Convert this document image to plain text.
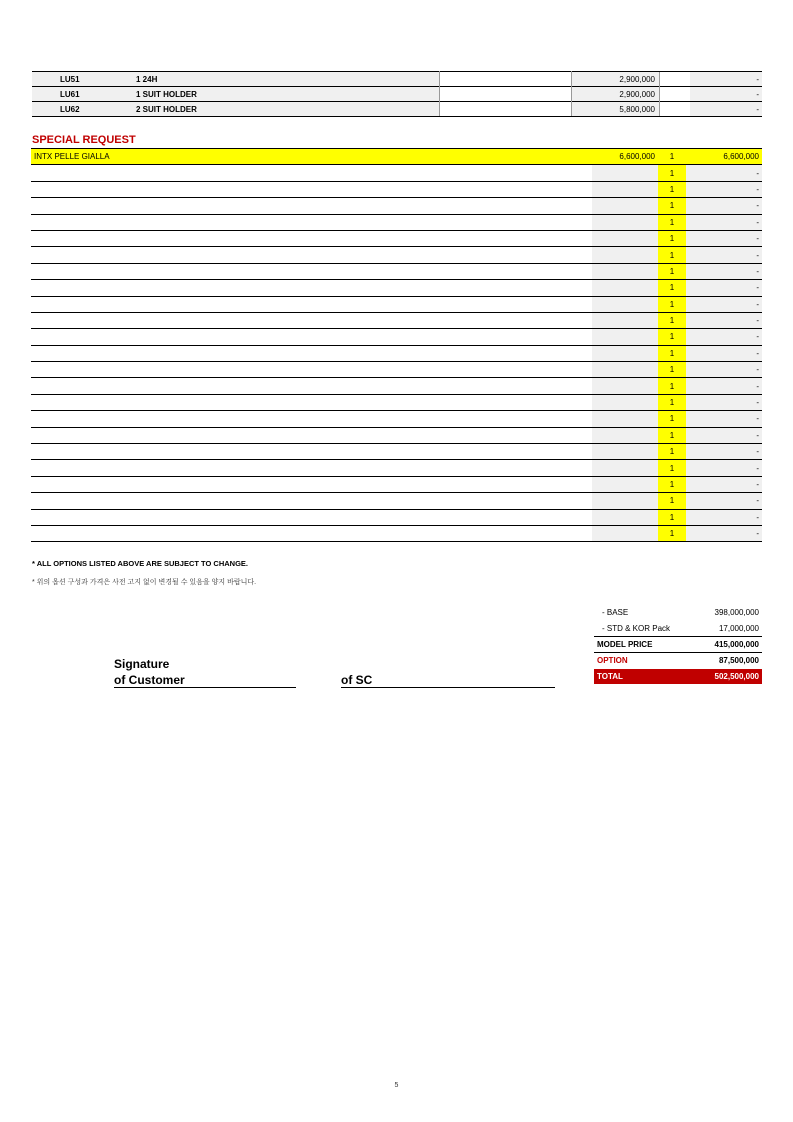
LU51	1 24H		2,900,000		-
LU61	1 SUIT HOLDER		2,900,000		-
LU62	2 SUIT HOLDER		5,800,000		-
SPECIAL REQUEST
INTX PELLE GIALLA	6,600,000	1	6,600,000
		1	-
		1	-
		1	-
		1	-
		1	-
		1	-
		1	-
		1	-
		1	-
		1	-
		1	-
		1	-
		1	-
		1	-
		1	-
		1	-
		1	-
		1	-
		1	-
		1	-
		1	-
		1	-
		1	-
* ALL OPTIONS LISTED ABOVE ARE SUBJECT TO CHANGE.
* 위의 옵션 구성과 가격은 사전 고지 없이 변경될 수 있음을 양지 바랍니다.
- BASE	398,000,000
- STD & KOR Pack	17,000,000
MODEL PRICE	415,000,000
OPTION	87,500,000
TOTAL	502,500,000
Signature
of Customer	of SC
5
